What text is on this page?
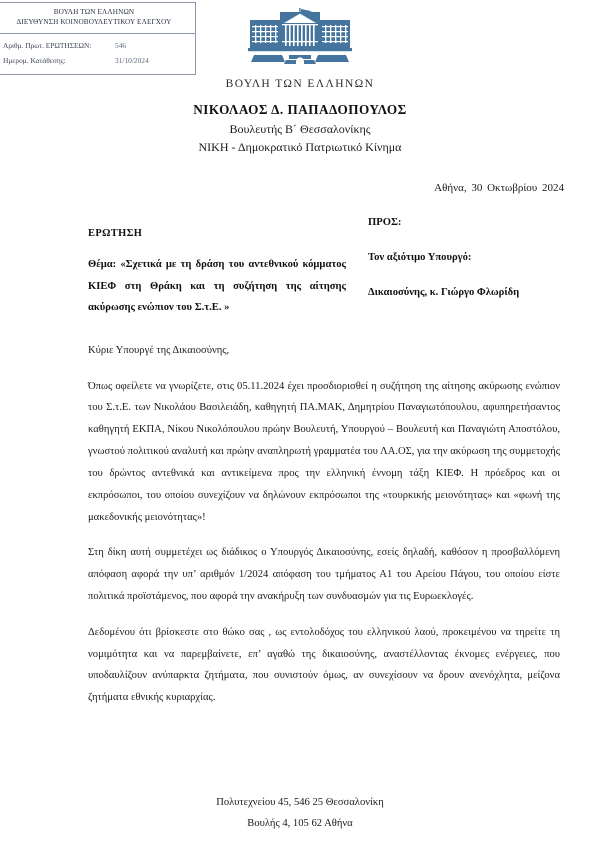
ΒΟΥΛΗ ΤΩΝ ΕΛΛΗΝΩΝ
ΔΙΕΥΘΥΝΣΗ ΚΟΙΝΟΒΟΥΛΕΥΤΙΚΟΥ ΕΛΕΓΧΟΥ
Αριθμ. Πρωτ. ΕΡΩΤΗΣΕΩΝ:	546
Ημερομ. Κατάθεσης:	31/10/2024
ΒΟΥΛΗ ΤΩΝ ΕΛΛΗΝΩΝ
ΝΙΚΟΛΑΟΣ Δ. ΠΑΠΑΔΟΠΟΥΛΟΣ
Βουλευτής Β΄ Θεσσαλονίκης
ΝΙΚΗ - Δημοκρατικό Πατριωτικό Κίνημα
Αθήνα, 30 Οκτωβρίου 2024
ΕΡΩΤΗΣΗ
Θέμα: «Σχετικά με τη δράση του αντεθνικού κόμματος ΚΙΕΦ στη Θράκη και τη συζήτηση της αίτησης ακύρωσης ενώπιον του Σ.τ.Ε. »
ΠΡΟΣ:
Τον αξιότιμο Υπουργό:
Δικαιοσύνης, κ. Γιώργο Φλωρίδη
Κύριε Υπουργέ της Δικαιοσύνης,
Όπως οφείλετε να γνωρίζετε, στις 05.11.2024 έχει προσδιορισθεί η συζήτηση της αίτησης ακύρωσης ενώπιον του Σ.τ.Ε. των Νικολάου Βασιλειάδη, καθηγητή ΠΑ.ΜΑΚ, Δημητρίου Παναγιωτόπουλου, αφυπηρετήσαντος καθηγητή ΕΚΠΑ, Νίκου Νικολόπουλου πρώην Βουλευτή, Υπουργού – Βουλευτή και Παναγιώτη Αποστόλου, γνωστού πολιτικού αναλυτή και πρώην αναπληρωτή γραμματέα του ΛΑ.ΟΣ, για την ακύρωση της συμμετοχής του δρώντος αντεθνικά και αντικείμενα προς την ελληνική έννομη τάξη ΚΙΕΦ. Η πρόεδρος και οι εκπρόσωποι, του οποίου συνεχίζουν να δηλώνουν εκπρόσωποι της «τουρκικής μειονότητας» και «φωνή της μακεδονικής μειονότητας»!
Στη δίκη αυτή συμμετέχει ως διάδικος ο Υπουργός Δικαιοσύνης, εσείς δηλαδή, καθόσον η προσβαλλόμενη απόφαση αφορά την υπ’ αριθμόν 1/2024 απόφαση του τμήματος Α1 του Αρείου Πάγου, του οποίου είστε πολιτικά προϊστάμενος, που αφορά την ανακήρυξη των συνδυασμών για τις Ευρωεκλογές.
Δεδομένου ότι βρίσκεστε στο θώκο σας , ως εντολοδόχος του ελληνικού λαού, προκειμένου να τηρείτε τη νομιμότητα και να παρεμβαίνετε, επ’ αγαθώ της δικαιοσύνης, αναστέλλοντας έκνομες ενέργειες, που υποδαυλίζουν ανύπαρκτα ζητήματα, που συνιστούν όμως, αν συνεχίσουν να δρουν ανενόχλητα, μείζονα ζητήματα εθνικής κυριαρχίας.
Πολυτεχνείου 45, 546 25 Θεσσαλονίκη
Βουλής 4, 105 62 Αθήνα
